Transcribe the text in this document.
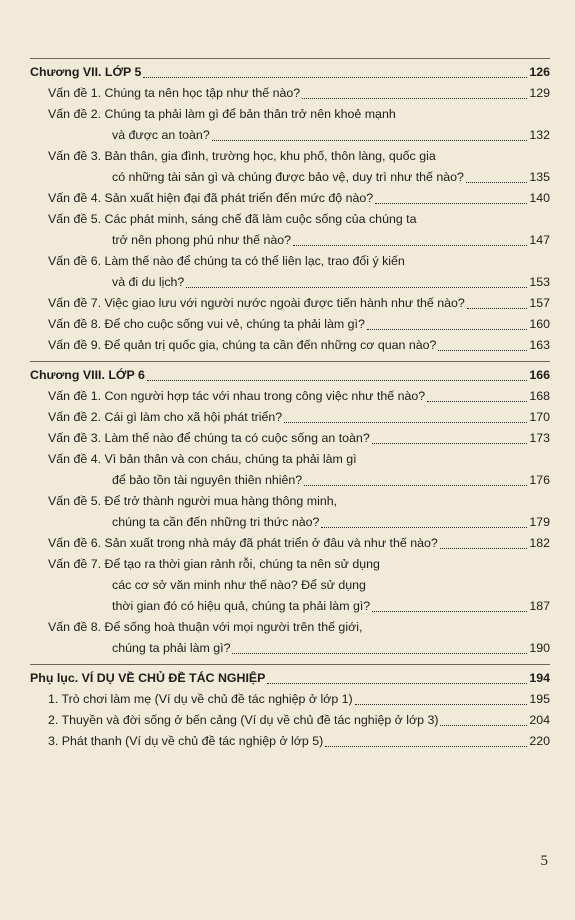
Chương VII. LỚP 5	126
Vấn đề 1. Chúng ta nên học tập như thế nào?	129
Vấn đề 2. Chúng ta phải làm gì để bản thân trở nên khoẻ mạnh
và được an toàn?	132
Vấn đề 3. Bản thân, gia đình, trường học, khu phố, thôn làng, quốc gia
có những tài sản gì và chúng được bảo vệ, duy trì như thế nào?	135
Vấn đề 4. Sản xuất hiện đại đã phát triển đến mức độ nào?	140
Vấn đề 5. Các phát minh, sáng chế đã làm cuộc sống của chúng ta
trở nên phong phú như thế nào?	147
Vấn đề 6. Làm thế nào để chúng ta có thể liên lạc, trao đổi ý kiến
và đi du lịch?	153
Vấn đề 7. Việc giao lưu với người nước ngoài được tiến hành như thế nào?	157
Vấn đề 8. Để cho cuộc sống vui vẻ, chúng ta phải làm gì?	160
Vấn đề 9. Để quản trị quốc gia, chúng ta cần đến những cơ quan nào?	163
Chương VIII. LỚP 6	166
Vấn đề 1. Con người hợp tác với nhau trong công việc như thế nào?	168
Vấn đề 2. Cái gì làm cho xã hội phát triển?	170
Vấn đề 3. Làm thế nào để chúng ta có cuộc sống an toàn?	173
Vấn đề 4. Vì bản thân và con cháu, chúng ta phải làm gì
để bảo tồn tài nguyên thiên nhiên?	176
Vấn đề 5. Để trở thành người mua hàng thông minh,
chúng ta cần đến những tri thức nào?	179
Vấn đề 6. Sản xuất trong nhà máy đã phát triển ở đâu và như thế nào?	182
Vấn đề 7. Để tạo ra thời gian rảnh rỗi, chúng ta nên sử dụng
các cơ sở văn minh như thế nào? Để sử dụng
thời gian đó có hiệu quả, chúng ta phải làm gì?	187
Vấn đề 8. Để sống hoà thuận với mọi người trên thế giới,
chúng ta phải làm gì?	190
Phụ lục. VÍ DỤ VỀ CHỦ ĐỀ TÁC NGHIỆP	194
1. Trò chơi làm mẹ (Ví dụ về chủ đề tác nghiệp ở lớp 1)	195
2. Thuyền và đời sống ở bến cảng (Ví dụ về chủ đề tác nghiệp ở lớp 3)	204
3. Phát thanh (Ví dụ về chủ đề tác nghiệp ở lớp 5)	220
5
